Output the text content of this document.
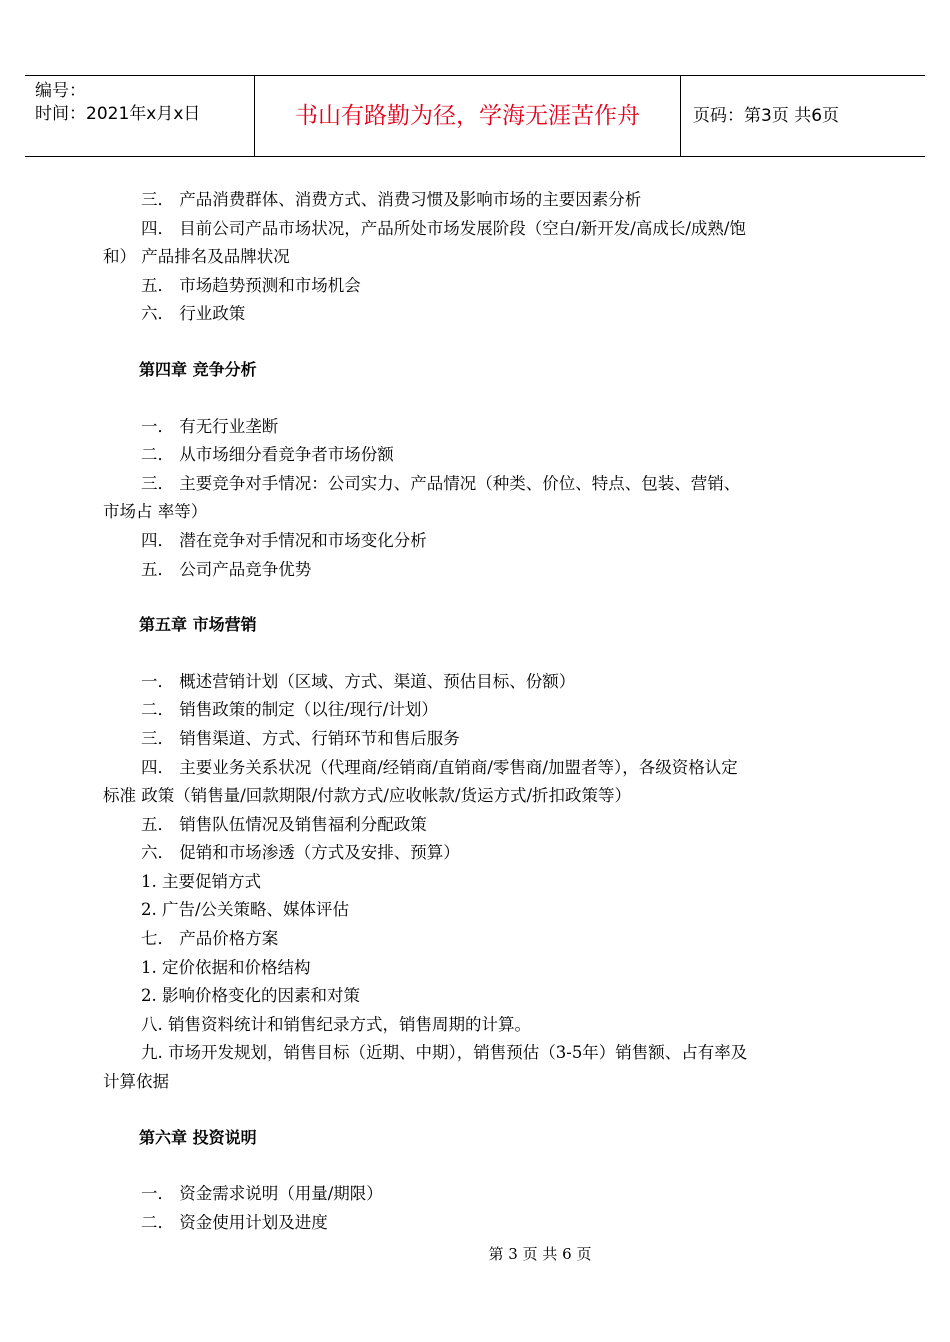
编号：
时间：2021年x月x日	书山有路勤为径，学海无涯苦作舟	页码：第3页 共6页
三． 产品消费群体、消费方式、消费习惯及影响市场的主要因素分析
四． 目前公司产品市场状况，产品所处市场发展阶段（空白/新开发/高成长/成熟/饱
和） 产品排名及品牌状况
五． 市场趋势预测和市场机会
六． 行业政策
第四章 竞争分析
一． 有无行业垄断
二． 从市场细分看竞争者市场份额
三． 主要竞争对手情况：公司实力、产品情况（种类、价位、特点、包装、营销、
市场占 率等）
四． 潜在竞争对手情况和市场变化分析
五． 公司产品竞争优势
第五章 市场营销
一． 概述营销计划（区域、方式、渠道、预估目标、份额）
二． 销售政策的制定（以往/现行/计划）
三． 销售渠道、方式、行销环节和售后服务
四． 主要业务关系状况（代理商/经销商/直销商/零售商/加盟者等），各级资格认定
标准 政策（销售量/回款期限/付款方式/应收帐款/货运方式/折扣政策等）
五． 销售队伍情况及销售福利分配政策
六． 促销和市场渗透（方式及安排、预算）
1. 主要促销方式
2. 广告/公关策略、媒体评估
七． 产品价格方案
1. 定价依据和价格结构
2. 影响价格变化的因素和对策
八. 销售资料统计和销售纪录方式，销售周期的计算。
九. 市场开发规划，销售目标（近期、中期），销售预估（3-5年）销售额、占有率及
计算依据
第六章 投资说明
一． 资金需求说明（用量/期限）
二． 资金使用计划及进度
第 3 页 共 6 页
